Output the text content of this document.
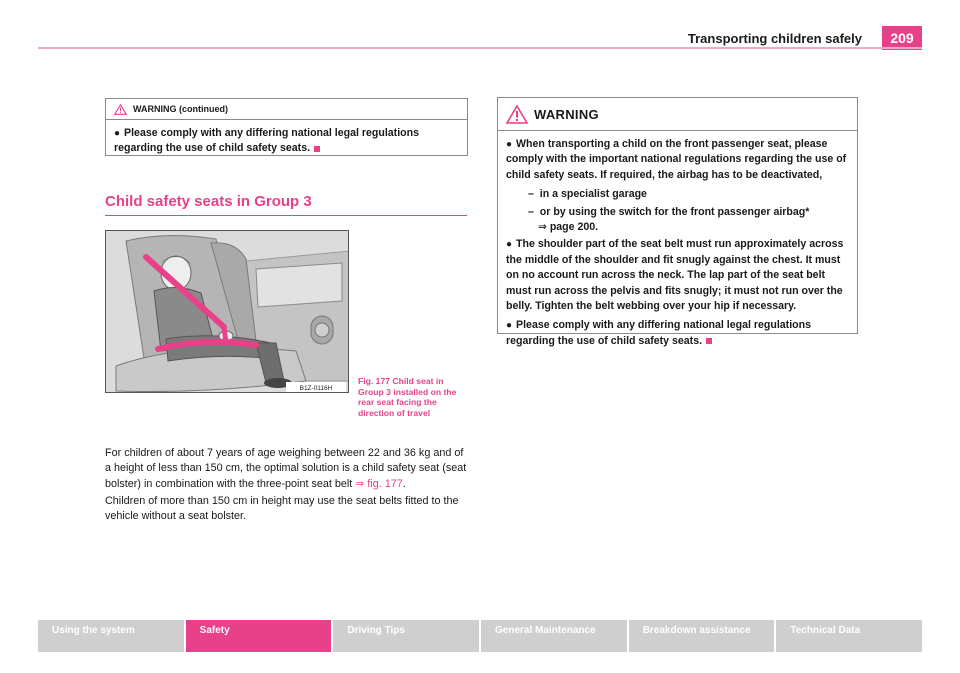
Transporting children safely	209
WARNING (continued)

● Please comply with any differing national legal regulations regarding the use of child safety seats.

Child safety seats in Group 3
B1Z-0116H
Fig. 177 Child seat in Group 3 installed on the rear seat facing the direction of travel
For children of about 7 years of age weighing between 22 and 36 kg and of a height of less than 150 cm, the optimal solution is a child safety seat (seat bolster) in combination with the three-point seat belt ⇒ fig. 177.
Children of more than 150 cm in height may use the seat belts fitted to the vehicle without a seat bolster.
WARNING

● When transporting a child on the front passenger seat, please comply with the important national regulations regarding the use of child safety seats. If required, the airbag has to be deactivated,

–  in a specialist garage

–  or by using the switch for the front passenger airbag*

⇒ page 200.

● The shoulder part of the seat belt must run approximately across the middle of the shoulder and fit snugly against the chest. It must on no account run across the neck. The lap part of the seat belt must run across the pelvis and fits snugly; it must not run over the belly. Tighten the belt webbing over your hip if necessary.

● Please comply with any differing national legal regulations regarding the use of child safety seats.

Using the system	Safety	Driving Tips	General Maintenance	Breakdown assistance	Technical Data
